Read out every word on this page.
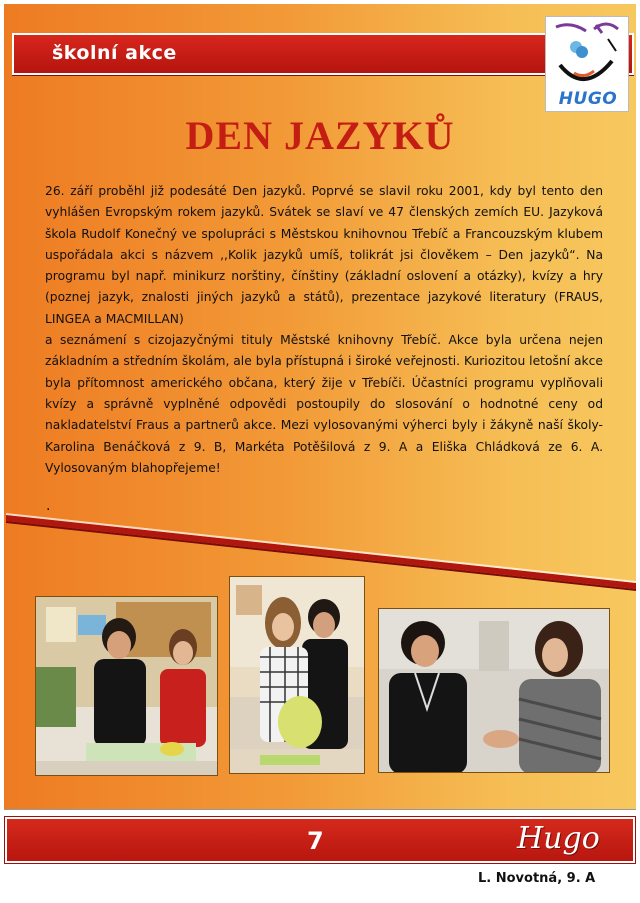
školní akce
HUGO
DEN JAZYKŮ

26. září proběhl již podesáté Den jazyků. Poprvé se slavil roku 2001, kdy byl tento den vyhlášen Evropským rokem jazyků. Svátek se slaví ve 47 členských zemích EU. Jazyková škola Rudolf Konečný ve spolupráci s Městskou knihovnou Třebíč a Francouzským klubem uspořádala akci s názvem ,,Kolik jazyků umíš, tolikrát jsi člověkem – Den jazyků“. Na programu byl např. minikurz norštiny, čínštiny (základní oslovení a otázky), kvízy a hry (poznej jazyk, znalosti jiných jazyků a států), prezentace jazykové literatury (FRAUS, LINGEA a MACMILLAN)

a seznámení s cizojazyčnými tituly Městské knihovny Třebíč. Akce byla určena nejen základním a středním školám, ale byla přístupná i široké veřejnosti. Kuriozitou letošní akce byla přítomnost amerického občana, který žije v Třebíči. Účastníci programu vyplňovali kvízy a správně vyplněné odpovědi postoupily do slosování o hodnotné ceny od nakladatelství Fraus a partnerů akce. Mezi vylosovanými výherci byly i žákyně naší školy- Karolina Benáčková z 9. B, Markéta Potěšilová z 9. A a Eliška Chládková ze 6. A. Vylosovaným blahopřejeme!

.
7	Hugo
L. Novotná, 9. A
